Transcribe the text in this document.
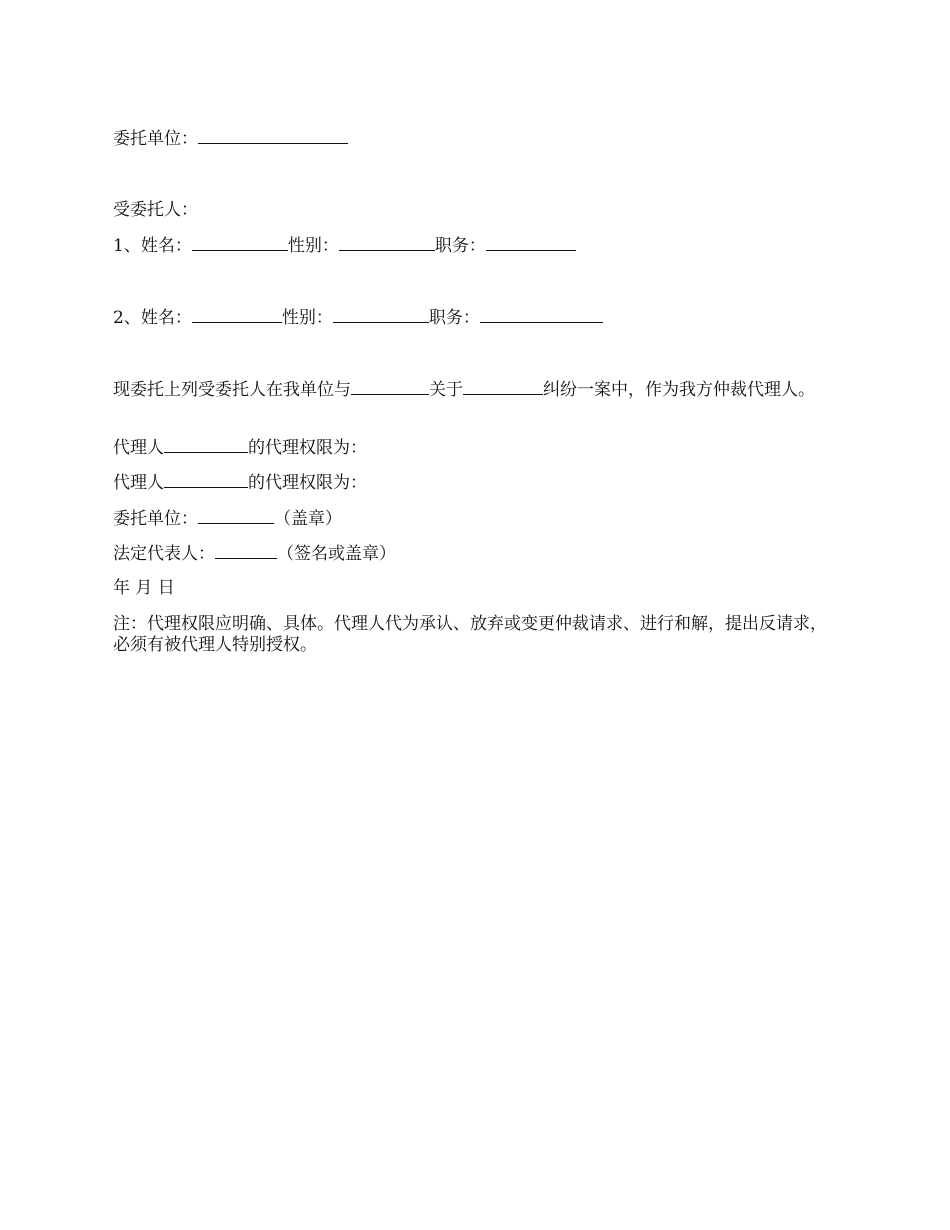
委托单位：
受委托人：
1、姓名：	性别：	职务：
2、姓名：	性别：	职务：
现委托上列受委托人在我单位与	关于	纠纷一案中，作为我方仲裁代理人。
代理人	的代理权限为：
代理人	的代理权限为：
委托单位：	（盖章）
法定代表人：	（签名或盖章）
年 月 日
注：代理权限应明确、具体。代理人代为承认、放弃或变更仲裁请求、进行和解，提出反请求，必须有被代理人特别授权。
